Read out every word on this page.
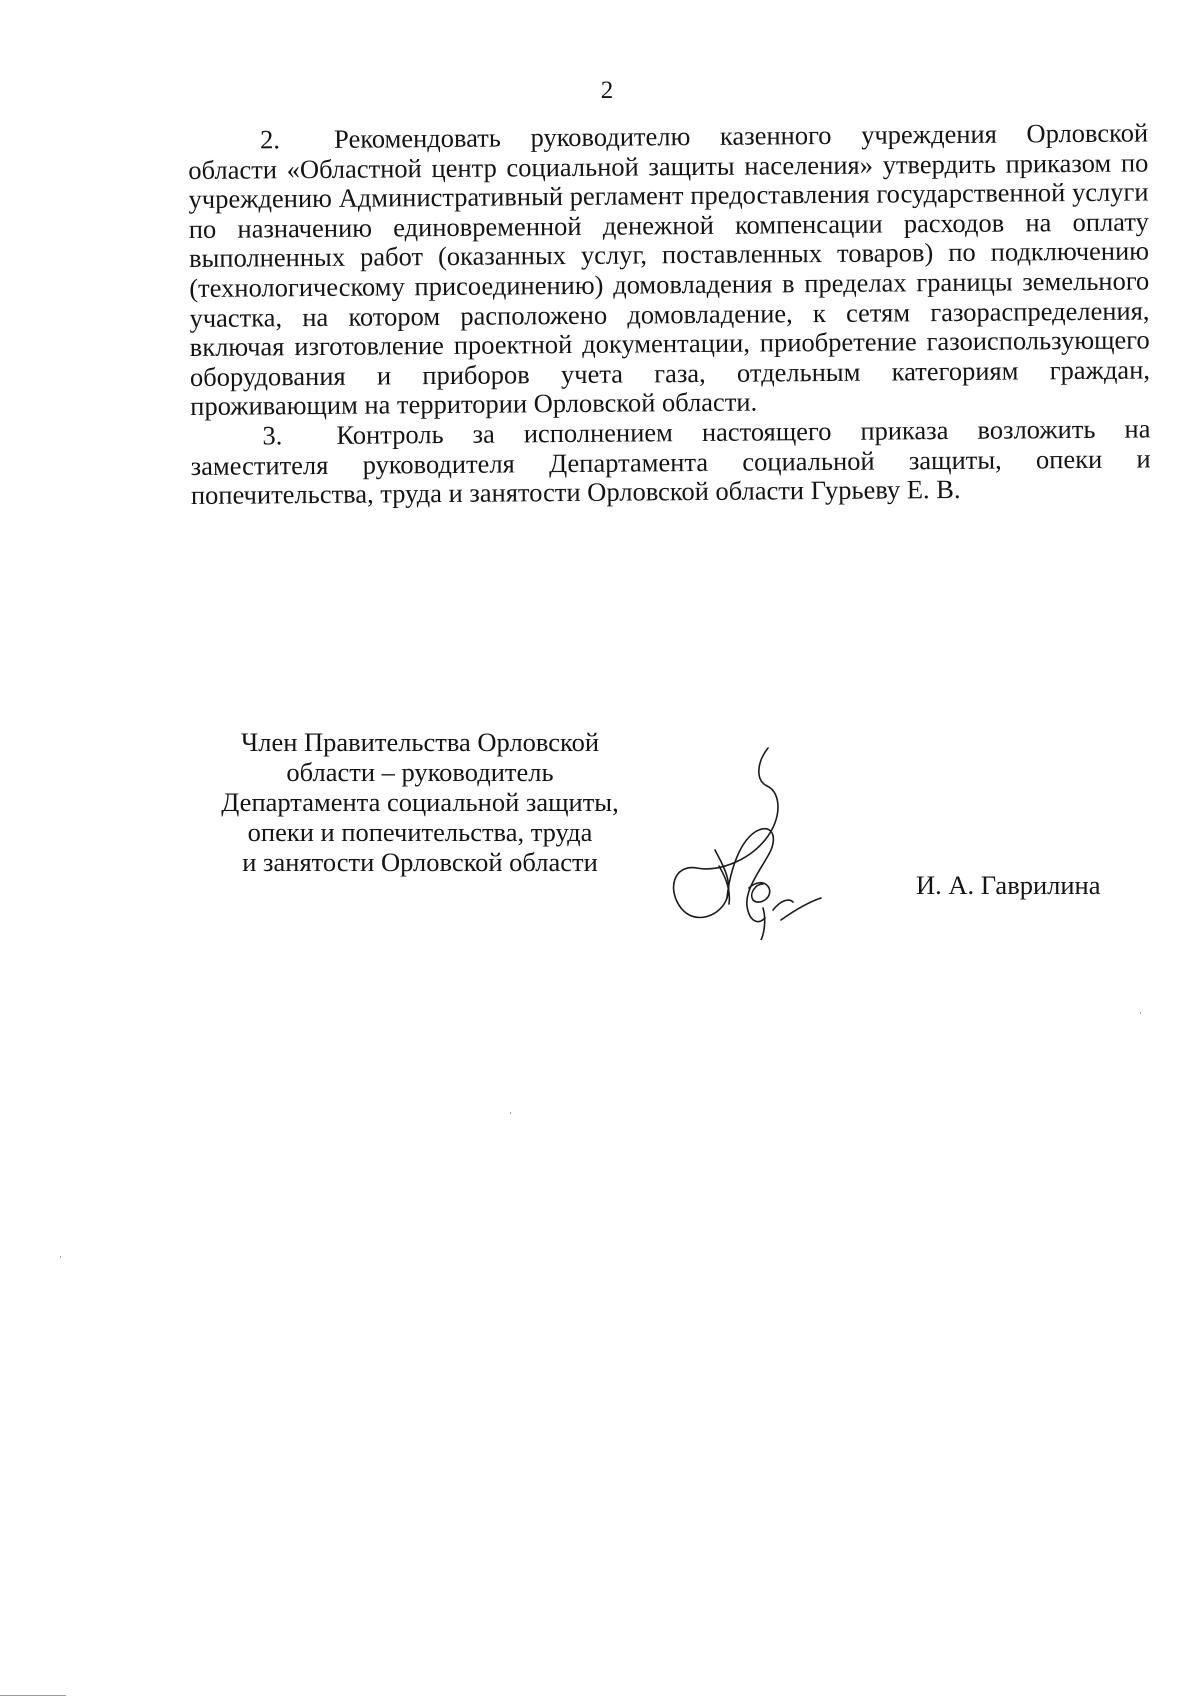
2

2. Рекомендовать руководителю казенного учреждения Орловской области «Областной центр социальной защиты населения» утвердить приказом по учреждению Административный регламент предоставления государственной услуги по назначению единовременной денежной компенсации расходов на оплату выполненных работ (оказанных услуг, поставленных товаров) по подключению (технологическому присоединению) домовладения в пределах границы земельного участка, на котором расположено домовладение, к сетям газораспределения, включая изготовление проектной документации, приобретение газоиспользующего оборудования и приборов учета газа, отдельным категориям граждан, проживающим на территории Орловской области.

3. Контроль за исполнением настоящего приказа возложить на заместителя руководителя Департамента социальной защиты, опеки и попечительства, труда и занятости Орловской области Гурьеву Е. В.

Член Правительства Орловской
области – руководитель
Департамента социальной защиты,
опеки и попечительства, труда
и занятости Орловской области
И. А. Гаврилина
